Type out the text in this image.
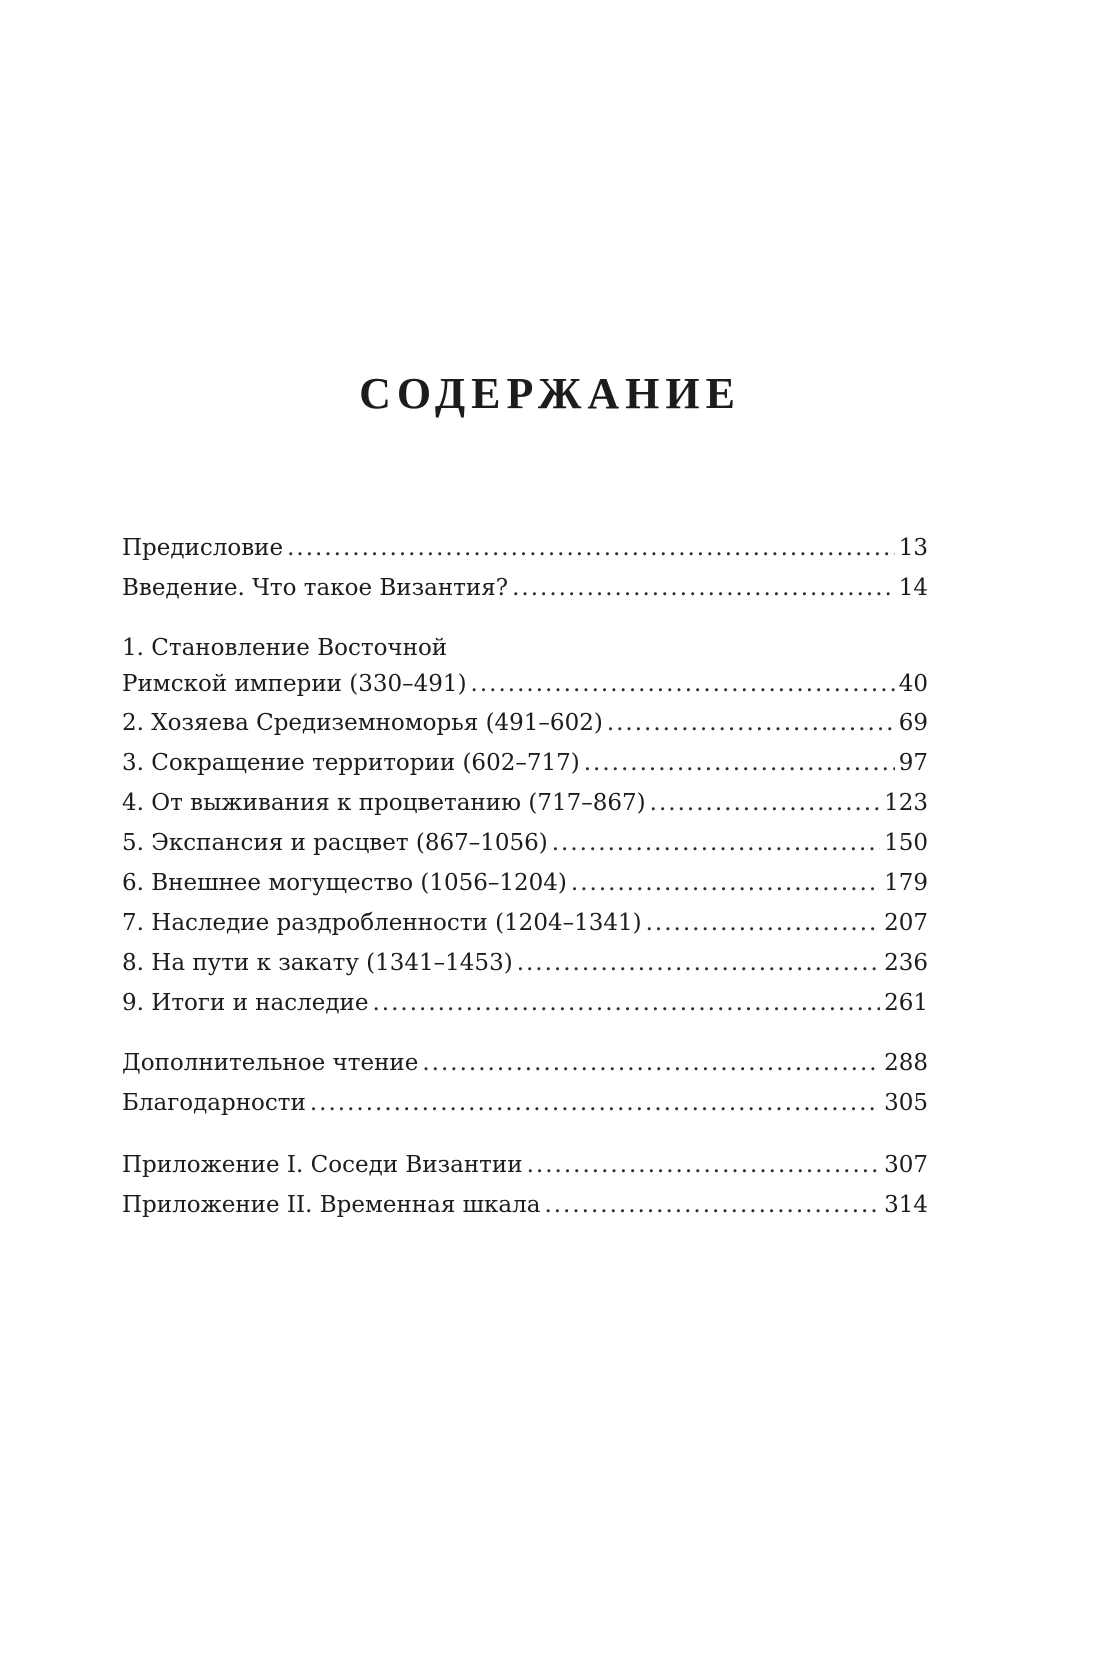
СОДЕРЖАНИЕ
Предисловие .....	13
Введение. Что такое Византия? .....	14
1. Становление Восточной
Римской империи (330–491) .....	40
2. Хозяева Средиземноморья (491–602) .....	69
3. Сокращение территории (602–717) .....	97
4. От выживания к процветанию (717–867) .....	123
5. Экспансия и расцвет (867–1056) .....	150
6. Внешнее могущество (1056–1204) .....	179
7. Наследие раздробленности (1204–1341) .....	207
8. На пути к закату (1341–1453) .....	236
9. Итоги и наследие .....	261
Дополнительное чтение .....	288
Благодарности .....	305
Приложение I. Соседи Византии .....	307
Приложение II. Временная шкала .....	314
